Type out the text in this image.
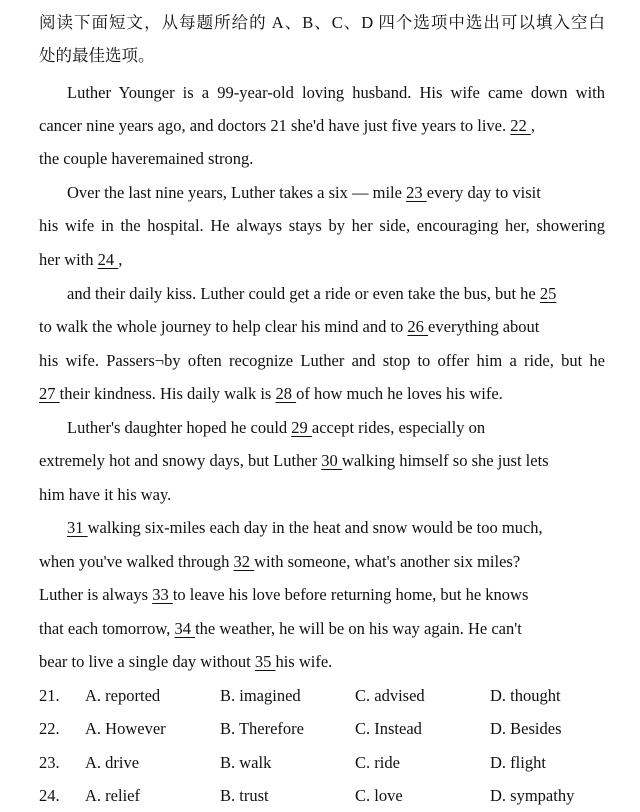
阅读下面短文，从每题所给的 A、B、C、D 四个选项中选出可以填入空白
处的最佳选项。
Luther Younger is a 99-year-old loving husband. His wife came down with
cancer nine years ago, and doctors 21 she'd have just five years to live. 22 ,
the couple haveremained strong.
Over the last nine years, Luther takes a six — mile 23 every day to visit
his wife in the hospital. He always stays by her side, encouraging her, showering
her with 24 ,
and their daily kiss. Luther could get a ride or even take the bus, but he 25
to walk the whole journey to help clear his mind and to 26 everything about
his wife. Passers¬by often recognize Luther and stop to offer him a ride, but he
27 their kindness. His daily walk is 28 of how much he loves his wife.
Luther's daughter hoped he could 29 accept rides, especially on
extremely hot and snowy days, but Luther 30 walking himself so she just lets
him have it his way.
31 walking six-miles each day in the heat and snow would be too much,
when you've walked through 32 with someone, what's another six miles?
Luther is always 33 to leave his love before returning home, but he knows
that each tomorrow, 34 the weather, he will be on his way again. He can't
bear to live a single day without 35 his wife.
21. A. reported	B. imagined	C. advised	D. thought
22. A. However	B. Therefore	C. Instead	D. Besides
23. A. drive	B. walk	C. ride	D. flight
24. A. relief	B. trust	C. love	D. sympathy
